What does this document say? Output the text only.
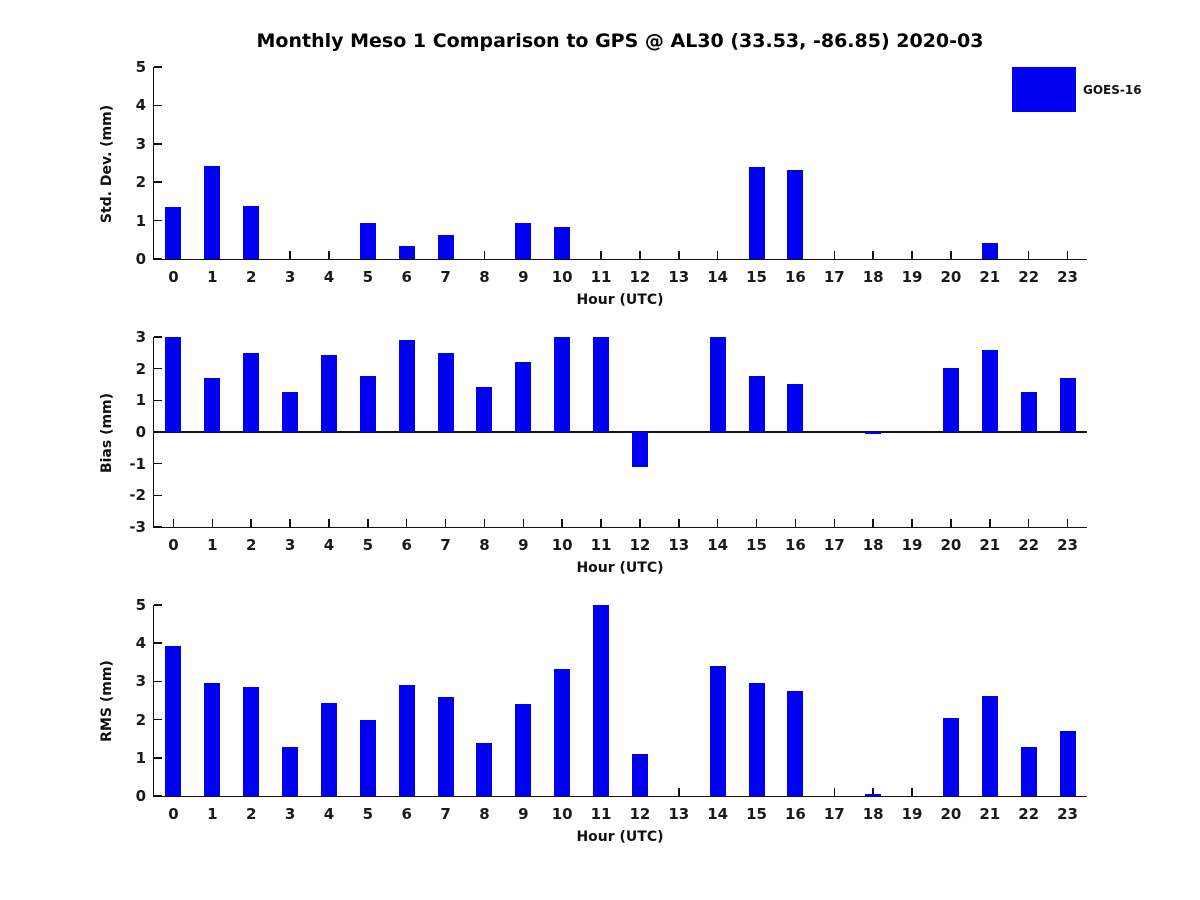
Monthly Meso 1 Comparison to GPS @ AL30 (33.53, -86.85) 2020-03
GOES-16
Std. Dev. (mm)
0
1
2
3
4
5
0	1	2	3	4	5	6	7	8	9	10	11	12	13	14	15	16	17	18	19	20	21	22	23
Hour (UTC)
Bias (mm)
3
2
1
0
-1
-2
-3
0	1	2	3	4	5	6	7	8	9	10	11	12	13	14	15	16	17	18	19	20	21	22	23
Hour (UTC)
RMS (mm)
0
1
2
3
4
5
0	1	2	3	4	5	6	7	8	9	10	11	12	13	14	15	16	17	18	19	20	21	22	23
Hour (UTC)
